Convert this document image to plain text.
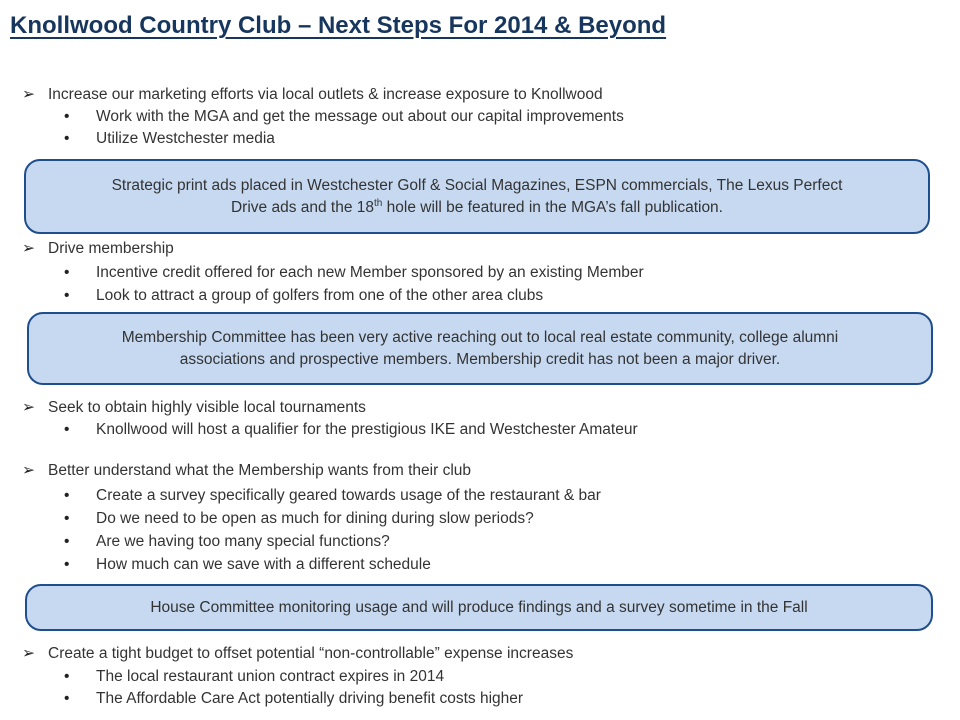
Knollwood Country Club – Next Steps For 2014 & Beyond
➢ Increase our marketing efforts via local outlets & increase exposure to Knollwood
• Work with the MGA and get the message out about our capital improvements
• Utilize Westchester media
Strategic print ads placed in Westchester Golf & Social Magazines, ESPN commercials, The Lexus Perfect
Drive ads and the 18th hole will be featured in the MGA’s fall publication.
➢ Drive membership
• Incentive credit offered for each new Member sponsored by an existing Member
• Look to attract a group of golfers from one of the other area clubs
Membership Committee has been very active reaching out to local real estate community, college alumni
associations and prospective members. Membership credit has not been a major driver.
➢ Seek to obtain highly visible local tournaments
• Knollwood will host a qualifier for the prestigious IKE and Westchester Amateur
➢ Better understand what the Membership wants from their club
• Create a survey specifically geared towards usage of the restaurant & bar
• Do we need to be open as much for dining during slow periods?
• Are we having too many special functions?
• How much can we save with a different schedule
House Committee monitoring usage and will produce findings and a survey sometime in the Fall
➢ Create a tight budget to offset potential “non-controllable” expense increases
• The local restaurant union contract expires in 2014
• The Affordable Care Act potentially driving benefit costs higher
